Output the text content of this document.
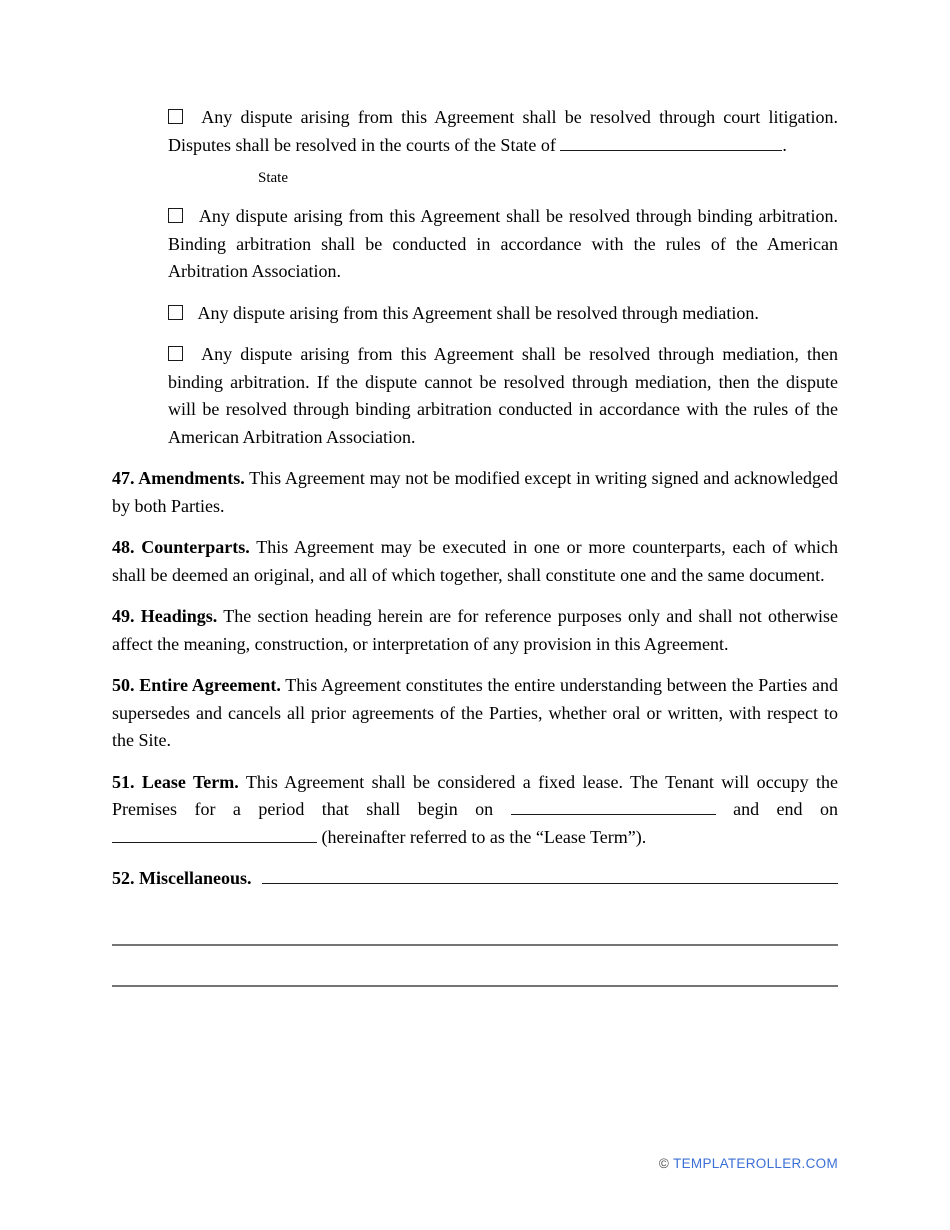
Any dispute arising from this Agreement shall be resolved through court litigation. Disputes shall be resolved in the courts of the State of	.

State

Any dispute arising from this Agreement shall be resolved through binding arbitration. Binding arbitration shall be conducted in accordance with the rules of the American Arbitration Association.

Any dispute arising from this Agreement shall be resolved through mediation.

Any dispute arising from this Agreement shall be resolved through mediation, then binding arbitration. If the dispute cannot be resolved through mediation, then the dispute will be resolved through binding arbitration conducted in accordance with the rules of the American Arbitration Association.

47. Amendments. This Agreement may not be modified except in writing signed and acknowledged by both Parties.

48. Counterparts. This Agreement may be executed in one or more counterparts, each of which shall be deemed an original, and all of which together, shall constitute one and the same document.

49. Headings. The section heading herein are for reference purposes only and shall not otherwise affect the meaning, construction, or interpretation of any provision in this Agreement.

50. Entire Agreement. This Agreement constitutes the entire understanding between the Parties and supersedes and cancels all prior agreements of the Parties, whether oral or written, with respect to the Site.

51. Lease Term. This Agreement shall be considered a fixed lease. The Tenant will occupy the Premises for a period that shall begin on	and end on  (hereinafter referred to as the “Lease Term”).

52. Miscellaneous.

© TEMPLATEROLLER.COM
